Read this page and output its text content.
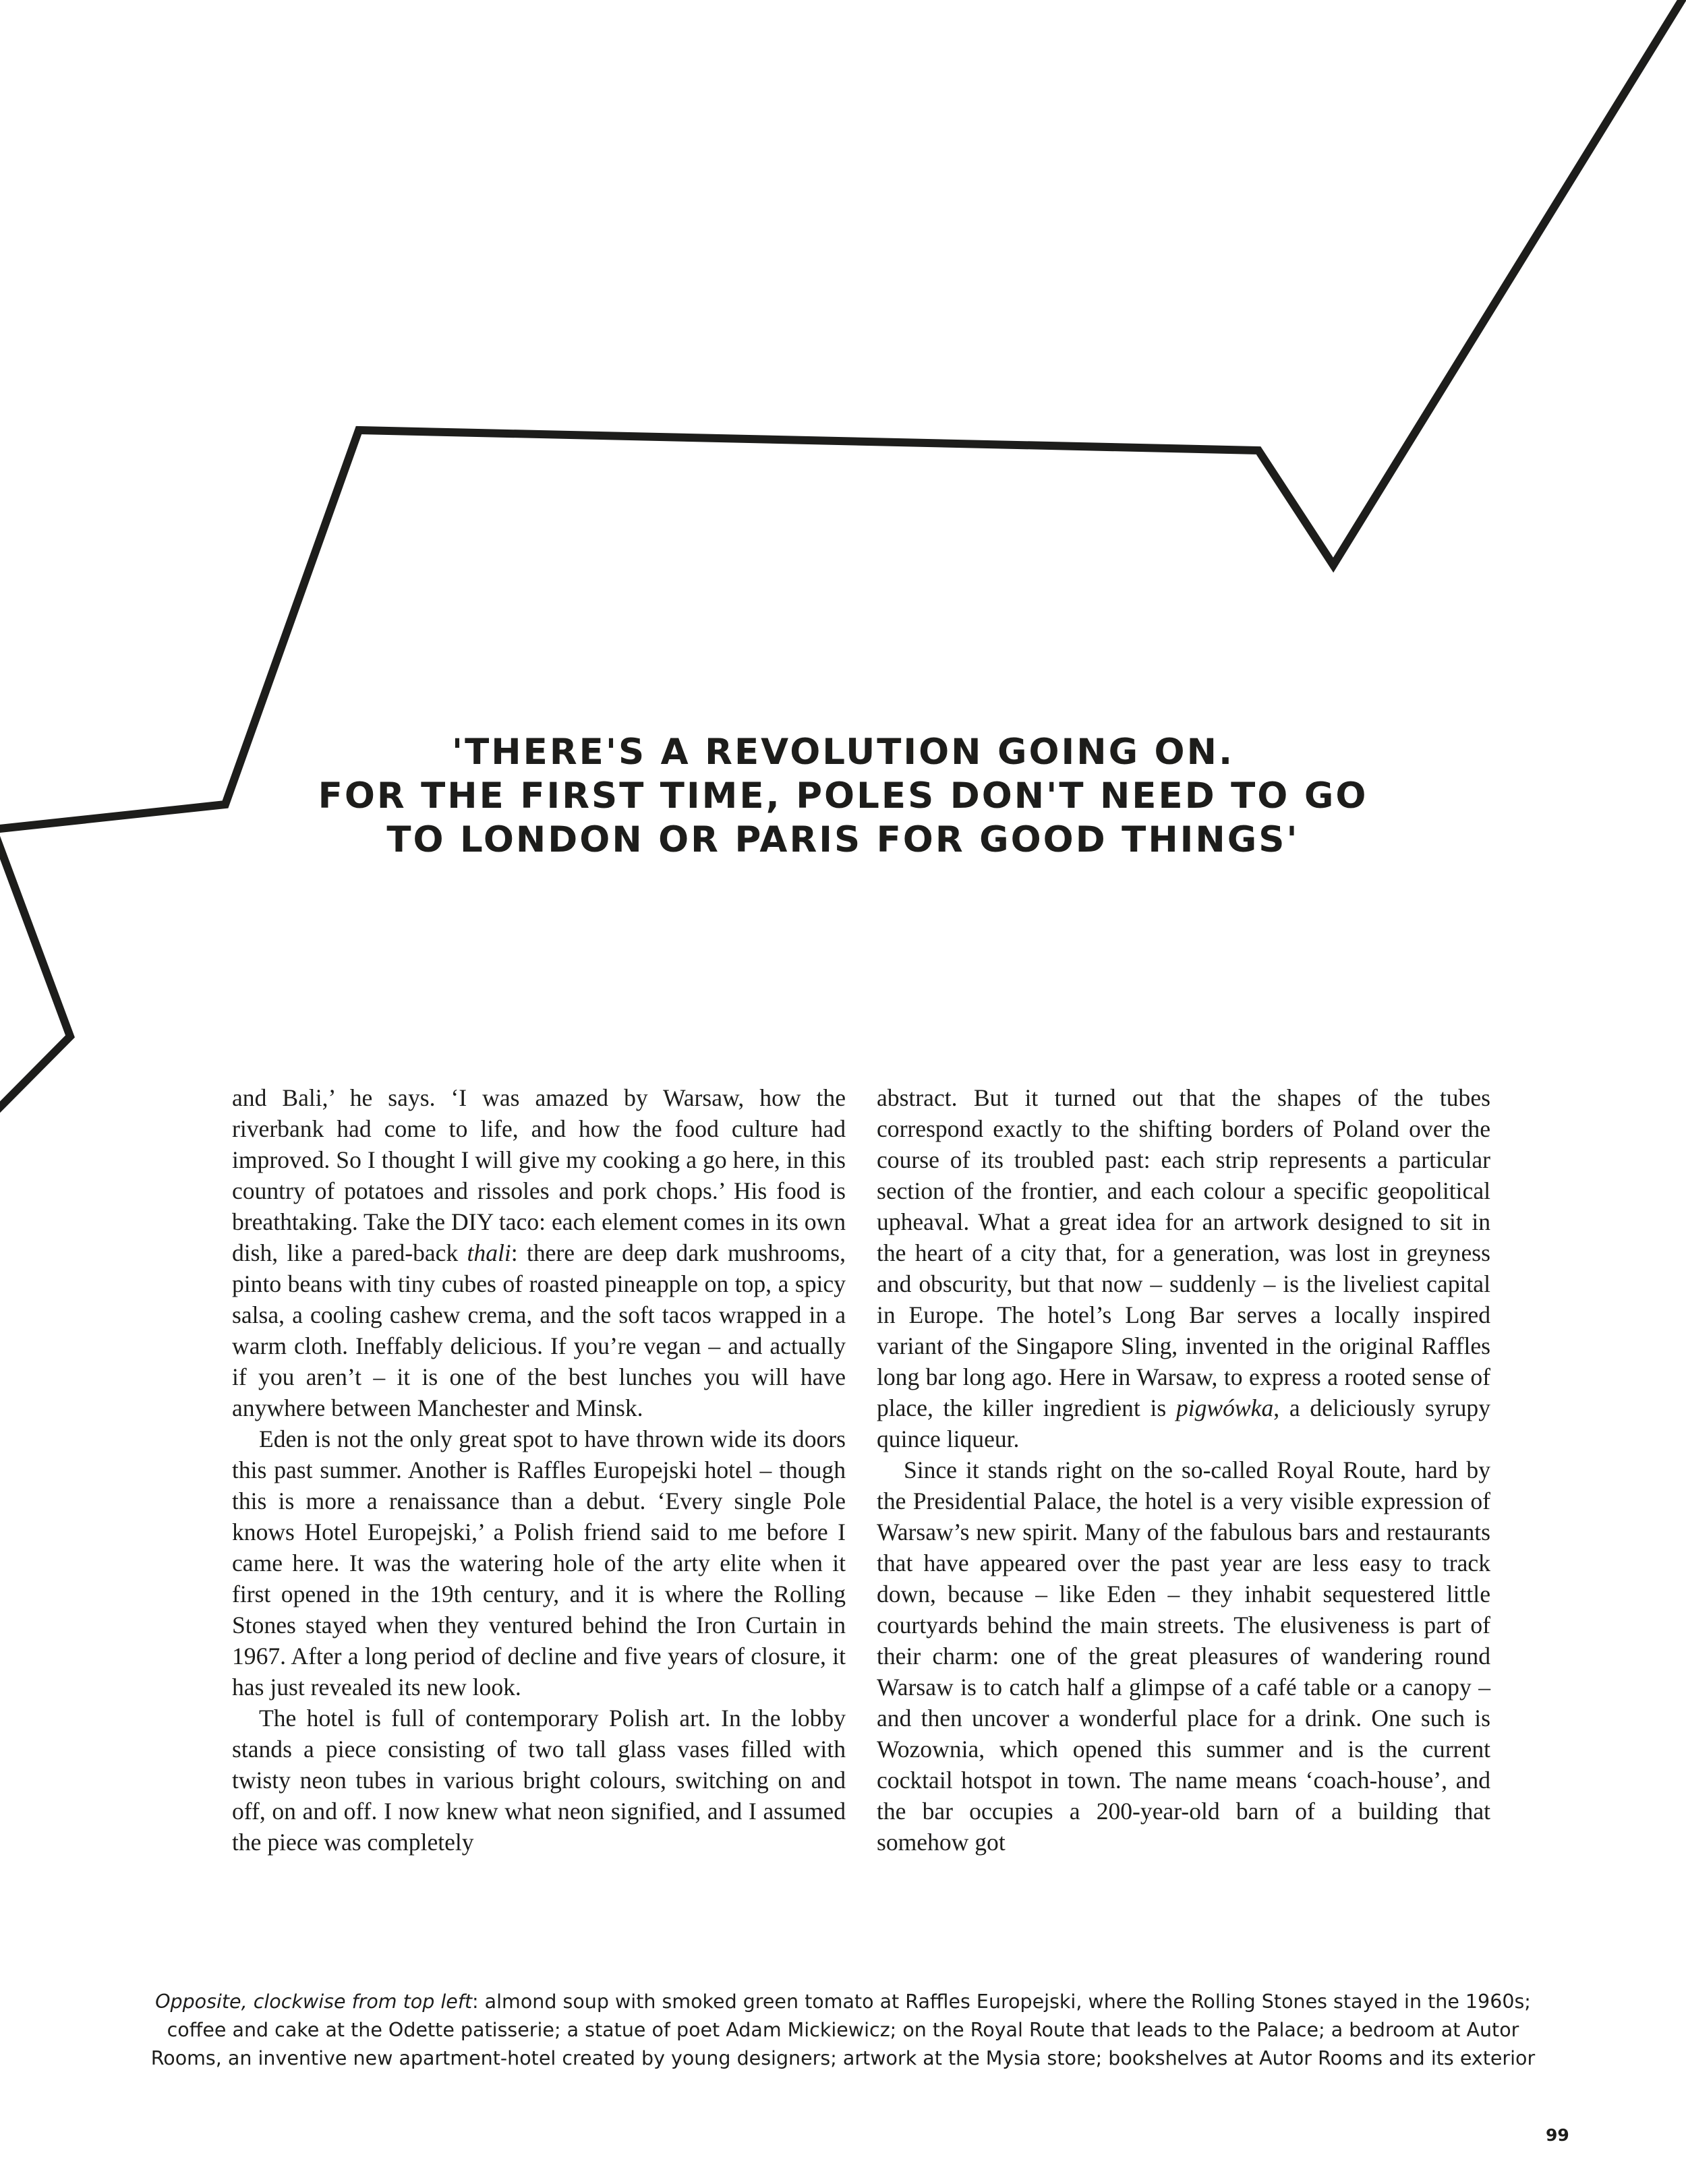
'THERE'S A REVOLUTION GOING ON.
FOR THE FIRST TIME, POLES DON'T NEED TO GO
TO LONDON OR PARIS FOR GOOD THINGS'

and Bali,’ he says. ‘I was amazed by Warsaw, how the riverbank had come to life, and how the food culture had improved. So I thought I will give my cooking a go here, in this country of potatoes and rissoles and pork chops.’ His food is breathtaking. Take the DIY taco: each element comes in its own dish, like a pared-back thali: there are deep dark mushrooms, pinto beans with tiny cubes of roasted pineapple on top, a spicy salsa, a cooling cashew crema, and the soft tacos wrapped in a warm cloth. Ineffably delicious. If you’re vegan – and actually if you aren’t – it is one of the best lunches you will have anywhere between Manchester and Minsk.

Eden is not the only great spot to have thrown wide its doors this past summer. Another is Raffles Europejski hotel – though this is more a renaissance than a debut. ‘Every single Pole knows Hotel Europejski,’ a Polish friend said to me before I came here. It was the watering hole of the arty elite when it first opened in the 19th century, and it is where the Rolling Stones stayed when they ventured behind the Iron Curtain in 1967. After a long period of decline and five years of closure, it has just revealed its new look.

The hotel is full of contemporary Polish art. In the lobby stands a piece consisting of two tall glass vases filled with twisty neon tubes in various bright colours, switching on and off, on and off. I now knew what neon signified, and I assumed the piece was completely

abstract. But it turned out that the shapes of the tubes correspond exactly to the shifting borders of Poland over the course of its troubled past: each strip represents a particular section of the frontier, and each colour a specific geopolitical upheaval. What a great idea for an artwork designed to sit in the heart of a city that, for a generation, was lost in greyness and obscurity, but that now – suddenly – is the liveliest capital in Europe. The hotel’s Long Bar serves a locally inspired variant of the Singapore Sling, invented in the original Raffles long bar long ago. Here in Warsaw, to express a rooted sense of place, the killer ingredient is pigwówka, a deliciously syrupy quince liqueur.

Since it stands right on the so-called Royal Route, hard by the Presidential Palace, the hotel is a very visible expression of Warsaw’s new spirit. Many of the fabulous bars and restaurants that have appeared over the past year are less easy to track down, because – like Eden – they inhabit sequestered little courtyards behind the main streets. The elusiveness is part of their charm: one of the great pleasures of wandering round Warsaw is to catch half a glimpse of a café table or a canopy – and then uncover a wonderful place for a drink. One such is Wozownia, which opened this summer and is the current cocktail hotspot in town. The name means ‘coach-house’, and the bar occupies a 200-year-old barn of a building that somehow got

Opposite, clockwise from top left: almond soup with smoked green tomato at Raffles Europejski, where the Rolling Stones stayed in the 1960s;
coffee and cake at the Odette patisserie; a statue of poet Adam Mickiewicz; on the Royal Route that leads to the Palace; a bedroom at Autor
Rooms, an inventive new apartment-hotel created by young designers; artwork at the Mysia store; bookshelves at Autor Rooms and its exterior
99
